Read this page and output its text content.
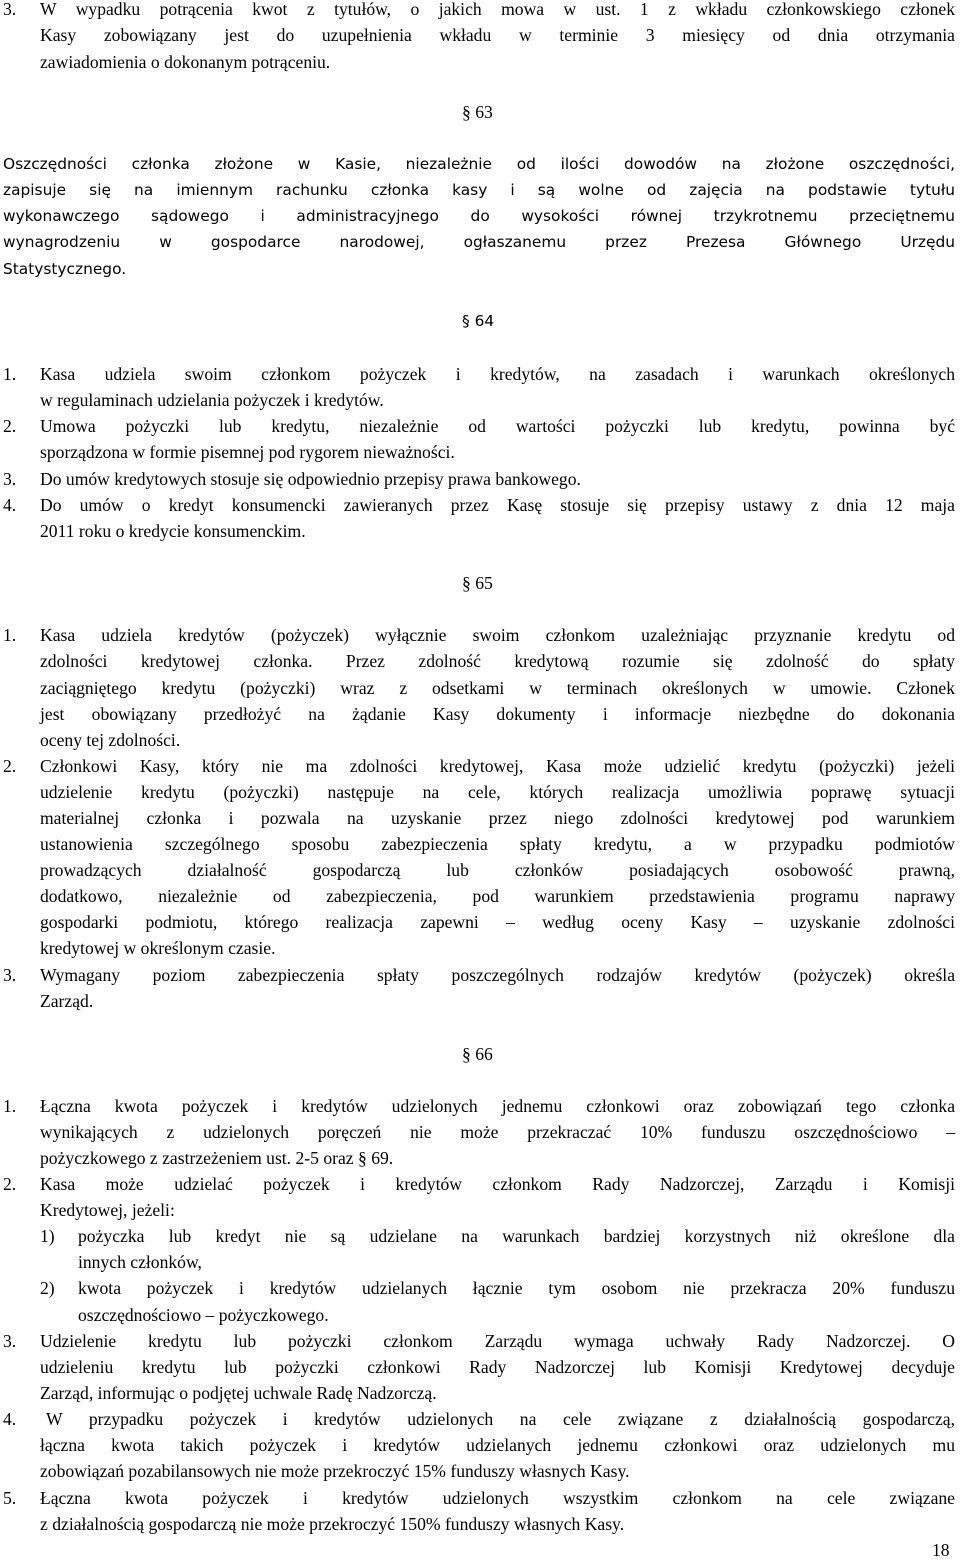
3. W wypadku potrącenia kwot z tytułów, o jakich mowa w ust. 1 z wkładu członkowskiego członek
Kasy zobowiązany jest do uzupełnienia wkładu w terminie 3 miesięcy od dnia otrzymania
zawiadomienia o dokonanym potrąceniu.
§ 63
Oszczędności członka złożone w Kasie, niezależnie od ilości dowodów na złożone oszczędności,
zapisuje się na imiennym rachunku członka kasy i są wolne od zajęcia na podstawie tytułu
wykonawczego sądowego i administracyjnego do wysokości równej trzykrotnemu przeciętnemu
wynagrodzeniu w gospodarce narodowej, ogłaszanemu przez Prezesa Głównego Urzędu
Statystycznego.
§ 64
1. Kasa udziela swoim członkom pożyczek i kredytów, na zasadach i warunkach określonych
w regulaminach udzielania pożyczek i kredytów.
2. Umowa pożyczki lub kredytu, niezależnie od wartości pożyczki lub kredytu, powinna być
sporządzona w formie pisemnej pod rygorem nieważności.
3. Do umów kredytowych stosuje się odpowiednio przepisy prawa bankowego.
4. Do umów o kredyt konsumencki zawieranych przez Kasę stosuje się przepisy ustawy z dnia 12 maja
2011 roku o kredycie konsumenckim.
§ 65
1. Kasa udziela kredytów (pożyczek) wyłącznie swoim członkom uzależniając przyznanie kredytu od
zdolności kredytowej członka. Przez zdolność kredytową rozumie się zdolność do spłaty
zaciągniętego kredytu (pożyczki) wraz z odsetkami w terminach określonych w umowie. Członek
jest obowiązany przedłożyć na żądanie Kasy dokumenty i informacje niezbędne do dokonania
oceny tej zdolności.
2. Członkowi Kasy, który nie ma zdolności kredytowej, Kasa może udzielić kredytu (pożyczki) jeżeli
udzielenie kredytu (pożyczki) następuje na cele, których realizacja umożliwia poprawę sytuacji
materialnej członka i pozwala na uzyskanie przez niego zdolności kredytowej pod warunkiem
ustanowienia szczególnego sposobu zabezpieczenia spłaty kredytu, a w przypadku podmiotów
prowadzących działalność gospodarczą lub członków posiadających osobowość prawną,
dodatkowo, niezależnie od zabezpieczenia, pod warunkiem przedstawienia programu naprawy
gospodarki podmiotu, którego realizacja zapewni – według oceny Kasy – uzyskanie zdolności
kredytowej w określonym czasie.
3. Wymagany poziom zabezpieczenia spłaty poszczególnych rodzajów kredytów (pożyczek) określa
Zarząd.
§ 66
1. Łączna kwota pożyczek i kredytów udzielonych jednemu członkowi oraz zobowiązań tego członka
wynikających z udzielonych poręczeń nie może przekraczać 10% funduszu oszczędnościowo –
pożyczkowego z zastrzeżeniem ust. 2-5 oraz § 69.
2. Kasa może udzielać pożyczek i kredytów członkom Rady Nadzorczej, Zarządu i Komisji
Kredytowej, jeżeli:
1) pożyczka lub kredyt nie są udzielane na warunkach bardziej korzystnych niż określone dla
innych członków,
2) kwota pożyczek i kredytów udzielanych łącznie tym osobom nie przekracza 20% funduszu
oszczędnościowo – pożyczkowego.
3. Udzielenie kredytu lub pożyczki członkom Zarządu wymaga uchwały Rady Nadzorczej. O
udzieleniu kredytu lub pożyczki członkowi Rady Nadzorczej lub Komisji Kredytowej decyduje
Zarząd, informując o podjętej uchwale Radę Nadzorczą.
4. W przypadku pożyczek i kredytów udzielonych na cele związane z działalnością gospodarczą,
łączna kwota takich pożyczek i kredytów udzielanych jednemu członkowi oraz udzielonych mu
zobowiązań pozabilansowych nie może przekroczyć 15% funduszy własnych Kasy.
5. Łączna kwota pożyczek i kredytów udzielonych wszystkim członkom na cele związane
z działalnością gospodarczą nie może przekroczyć 150% funduszy własnych Kasy.
18
